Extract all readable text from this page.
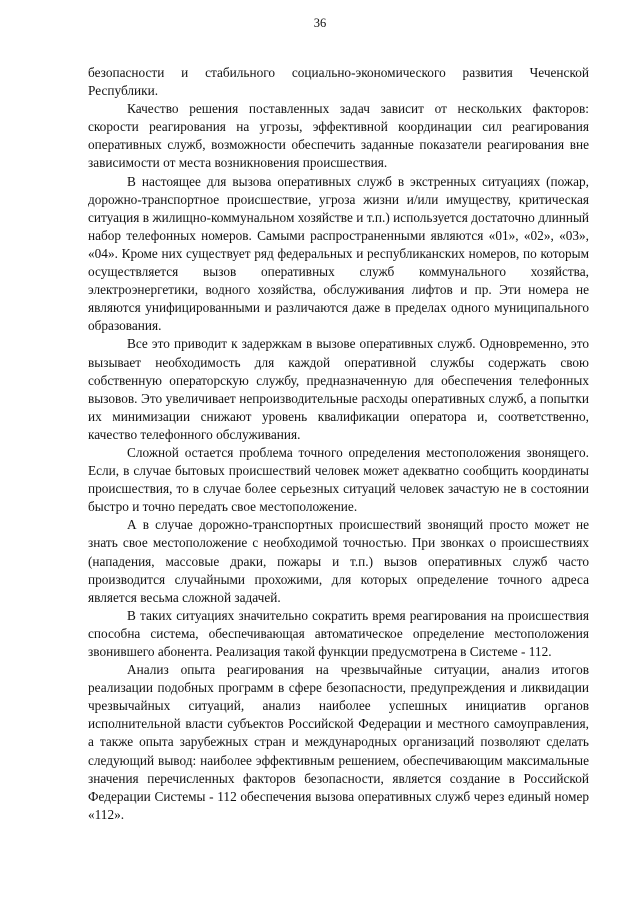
36

безопасности и стабильного социально-экономического развития Чеченской Республики.

Качество решения поставленных задач зависит от нескольких факторов: скорости реагирования на угрозы, эффективной координации сил реагирования оперативных служб, возможности обеспечить заданные показатели реагирования вне зависимости от места возникновения происшествия.

В настоящее для вызова оперативных служб в экстренных ситуациях (пожар, дорожно-транспортное происшествие, угроза жизни и/или имуществу, критическая ситуация в жилищно-коммунальном хозяйстве и т.п.) используется достаточно длинный набор телефонных номеров. Самыми распространенными являются «01», «02», «03», «04». Кроме них существует ряд федеральных и республиканских номеров, по которым осуществляется вызов оперативных служб коммунального хозяйства, электроэнергетики, водного хозяйства, обслуживания лифтов и пр. Эти номера не являются унифицированными и различаются даже в пределах одного муниципального образования.

Все это приводит к задержкам в вызове оперативных служб. Одновременно, это вызывает необходимость для каждой оперативной службы содержать свою собственную операторскую службу, предназначенную для обеспечения телефонных вызовов. Это увеличивает непроизводительные расходы оперативных служб, а попытки их минимизации снижают уровень квалификации оператора и, соответственно, качество телефонного обслуживания.

Сложной остается проблема точного определения местоположения звонящего. Если, в случае бытовых происшествий человек может адекватно сообщить координаты происшествия, то в случае более серьезных ситуаций человек зачастую не в состоянии быстро и точно передать свое местоположение.

А в случае дорожно-транспортных происшествий звонящий просто может не знать свое местоположение с необходимой точностью. При звонках о происшествиях (нападения, массовые драки, пожары и т.п.) вызов оперативных служб часто производится случайными прохожими, для которых определение точного адреса является весьма сложной задачей.

В таких ситуациях значительно сократить время реагирования на происшествия способна система, обеспечивающая автоматическое определение местоположения звонившего абонента. Реализация такой функции предусмотрена в Системе - 112.

Анализ опыта реагирования на чрезвычайные ситуации, анализ итогов реализации подобных программ в сфере безопасности, предупреждения и ликвидации чрезвычайных ситуаций, анализ наиболее успешных инициатив органов исполнительной власти субъектов Российской Федерации и местного самоуправления, а также опыта зарубежных стран и международных организаций позволяют сделать следующий вывод: наиболее эффективным решением, обеспечивающим максимальные значения перечисленных факторов безопасности, является создание в Российской Федерации Системы - 112 обеспечения вызова оперативных служб через единый номер «112».
